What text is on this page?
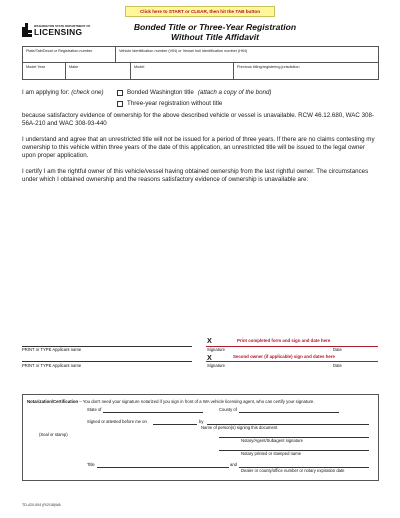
Click here to START or CLEAR, then hit the TAB button
WASHINGTON STATE DEPARTMENT OF
LICENSING	Bonded Title or Three-Year Registration
Without Title Affidavit
Plate/Tab/Decal or Registration number	Vehicle identification number (VIN) or Vessel hull identification number (HIN)
Model Year	Make	Model	Previous titling/registering jurisdiction
I am applying for: (check one)	Bonded Washington title (attach a copy of the bond)
Three-year registration without title
because satisfactory evidence of ownership for the above described vehicle or vessel is unavailable. RCW 46.12.680, WAC 308-56A-210 and WAC 308-93-440
I understand and agree that an unrestricted title will not be issued for a period of three years. If there are no claims contesting my ownership to this vehicle within three years of the date of this application, an unrestricted title will be issued to the legal owner upon proper application.
I certify I am the rightful owner of this vehicle/vessel having obtained ownership from the last rightful owner. The circumstances under which I obtained ownership and the reasons satisfactory evidence of ownership is unavailable are:
X	Print completed form and sign and date here
PRINT or TYPE Applicant name	Signature	Date
X	Second owner (if applicable) sign and dates here
PRINT or TYPE Applicant name	Signature	Date
Notarization/Certification – You don't need your signature notarized if you sign in front of a WA vehicle licensing agent, who can certify your signature.
State of	County of
Signed or attested before me on	by
Name of person(s) signing this document
(Seal or stamp)
Notary/Agent/Subagent signature
Notary printed or stamped name
Title	and
Dealer or county/office number or notary expiration date
TD-420-004 (R/2/18)WA
